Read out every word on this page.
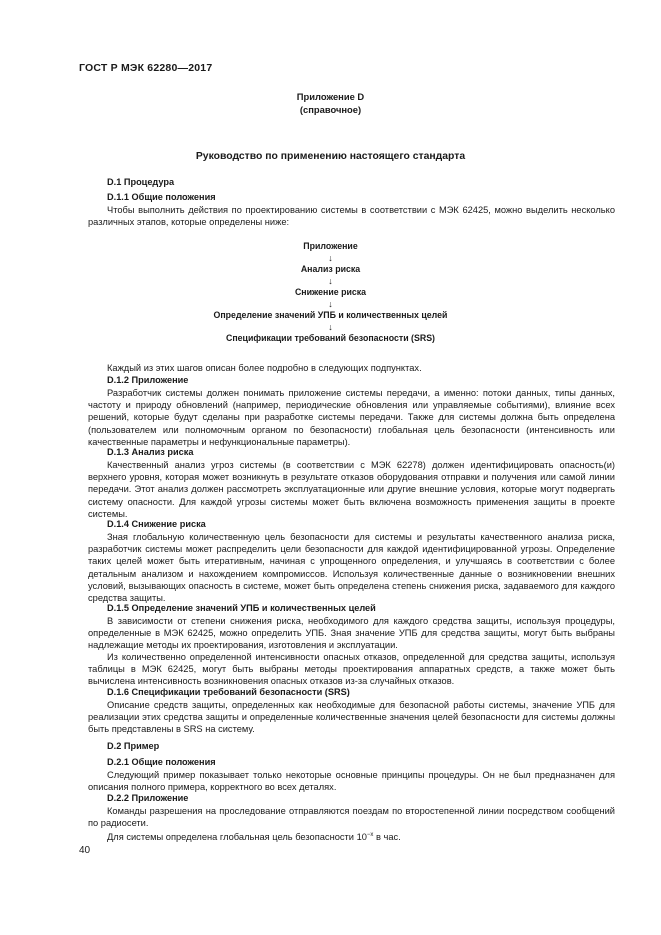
ГОСТ Р МЭК 62280—2017
Приложение D
(справочное)
Руководство по применению настоящего стандарта
D.1 Процедура
D.1.1 Общие положения

Чтобы выполнить действия по проектированию системы в соответствии с МЭК 62425, можно выделить несколько различных этапов, которые определены ниже:

Приложение
↓
Анализ риска
↓
Снижение риска
↓
Определение значений УПБ и количественных целей
↓
Спецификации требований безопасности (SRS)

Каждый из этих шагов описан более подробно в следующих подпунктах.

D.1.2 Приложение

Разработчик системы должен понимать приложение системы передачи, а именно: потоки данных, типы данных, частоту и природу обновлений (например, периодические обновления или управляемые событиями), влияние всех решений, которые будут сделаны при разработке системы передачи. Также для системы должна быть определена (пользователем или полномочным органом по безопасности) глобальная цель безопасности (интенсивность или качественные параметры и нефункциональные параметры).

D.1.3 Анализ риска

Качественный анализ угроз системы (в соответствии с МЭК 62278) должен идентифицировать опасность(и) верхнего уровня, которая может возникнуть в результате отказов оборудования отправки и получения или самой линии передачи. Этот анализ должен рассмотреть эксплуатационные или другие внешние условия, которые могут подвергать систему опасности. Для каждой угрозы системы может быть включена возможность применения защиты в проекте системы.

D.1.4 Снижение риска

Зная глобальную количественную цель безопасности для системы и результаты качественного анализа риска, разработчик системы может распределить цели безопасности для каждой идентифицированной угрозы. Определение таких целей может быть итеративным, начиная с упрощенного определения, и улучшаясь в соответствии с более детальным анализом и нахождением компромиссов. Используя количественные данные о возникновении внешних условий, вызывающих опасность в системе, может быть определена степень снижения риска, задаваемого для каждого средства защиты.

D.1.5 Определение значений УПБ и количественных целей

В зависимости от степени снижения риска, необходимого для каждого средства защиты, используя процедуры, определенные в МЭК 62425, можно определить УПБ. Зная значение УПБ для средства защиты, могут быть выбраны надлежащие методы их проектирования, изготовления и эксплуатации.

Из количественно определенной интенсивности опасных отказов, определенной для средства защиты, используя таблицы в МЭК 62425, могут быть выбраны методы проектирования аппаратных средств, а также может быть вычислена интенсивность возникновения опасных отказов из-за случайных отказов.

D.1.6 Спецификации требований безопасности (SRS)

Описание средств защиты, определенных как необходимые для безопасной работы системы, значение УПБ для реализации этих средства защиты и определенные количественные значения целей безопасности для системы должны быть представлены в SRS на систему.

D.2 Пример
D.2.1 Общие положения

Следующий пример показывает только некоторые основные принципы процедуры. Он не был предназначен для описания полного примера, корректного во всех деталях.

D.2.2 Приложение

Команды разрешения на проследование отправляются поездам по второстепенной линии посредством сообщений по радиосети.

Для системы определена глобальная цель безопасности $10^{-x}$ в час.

40
